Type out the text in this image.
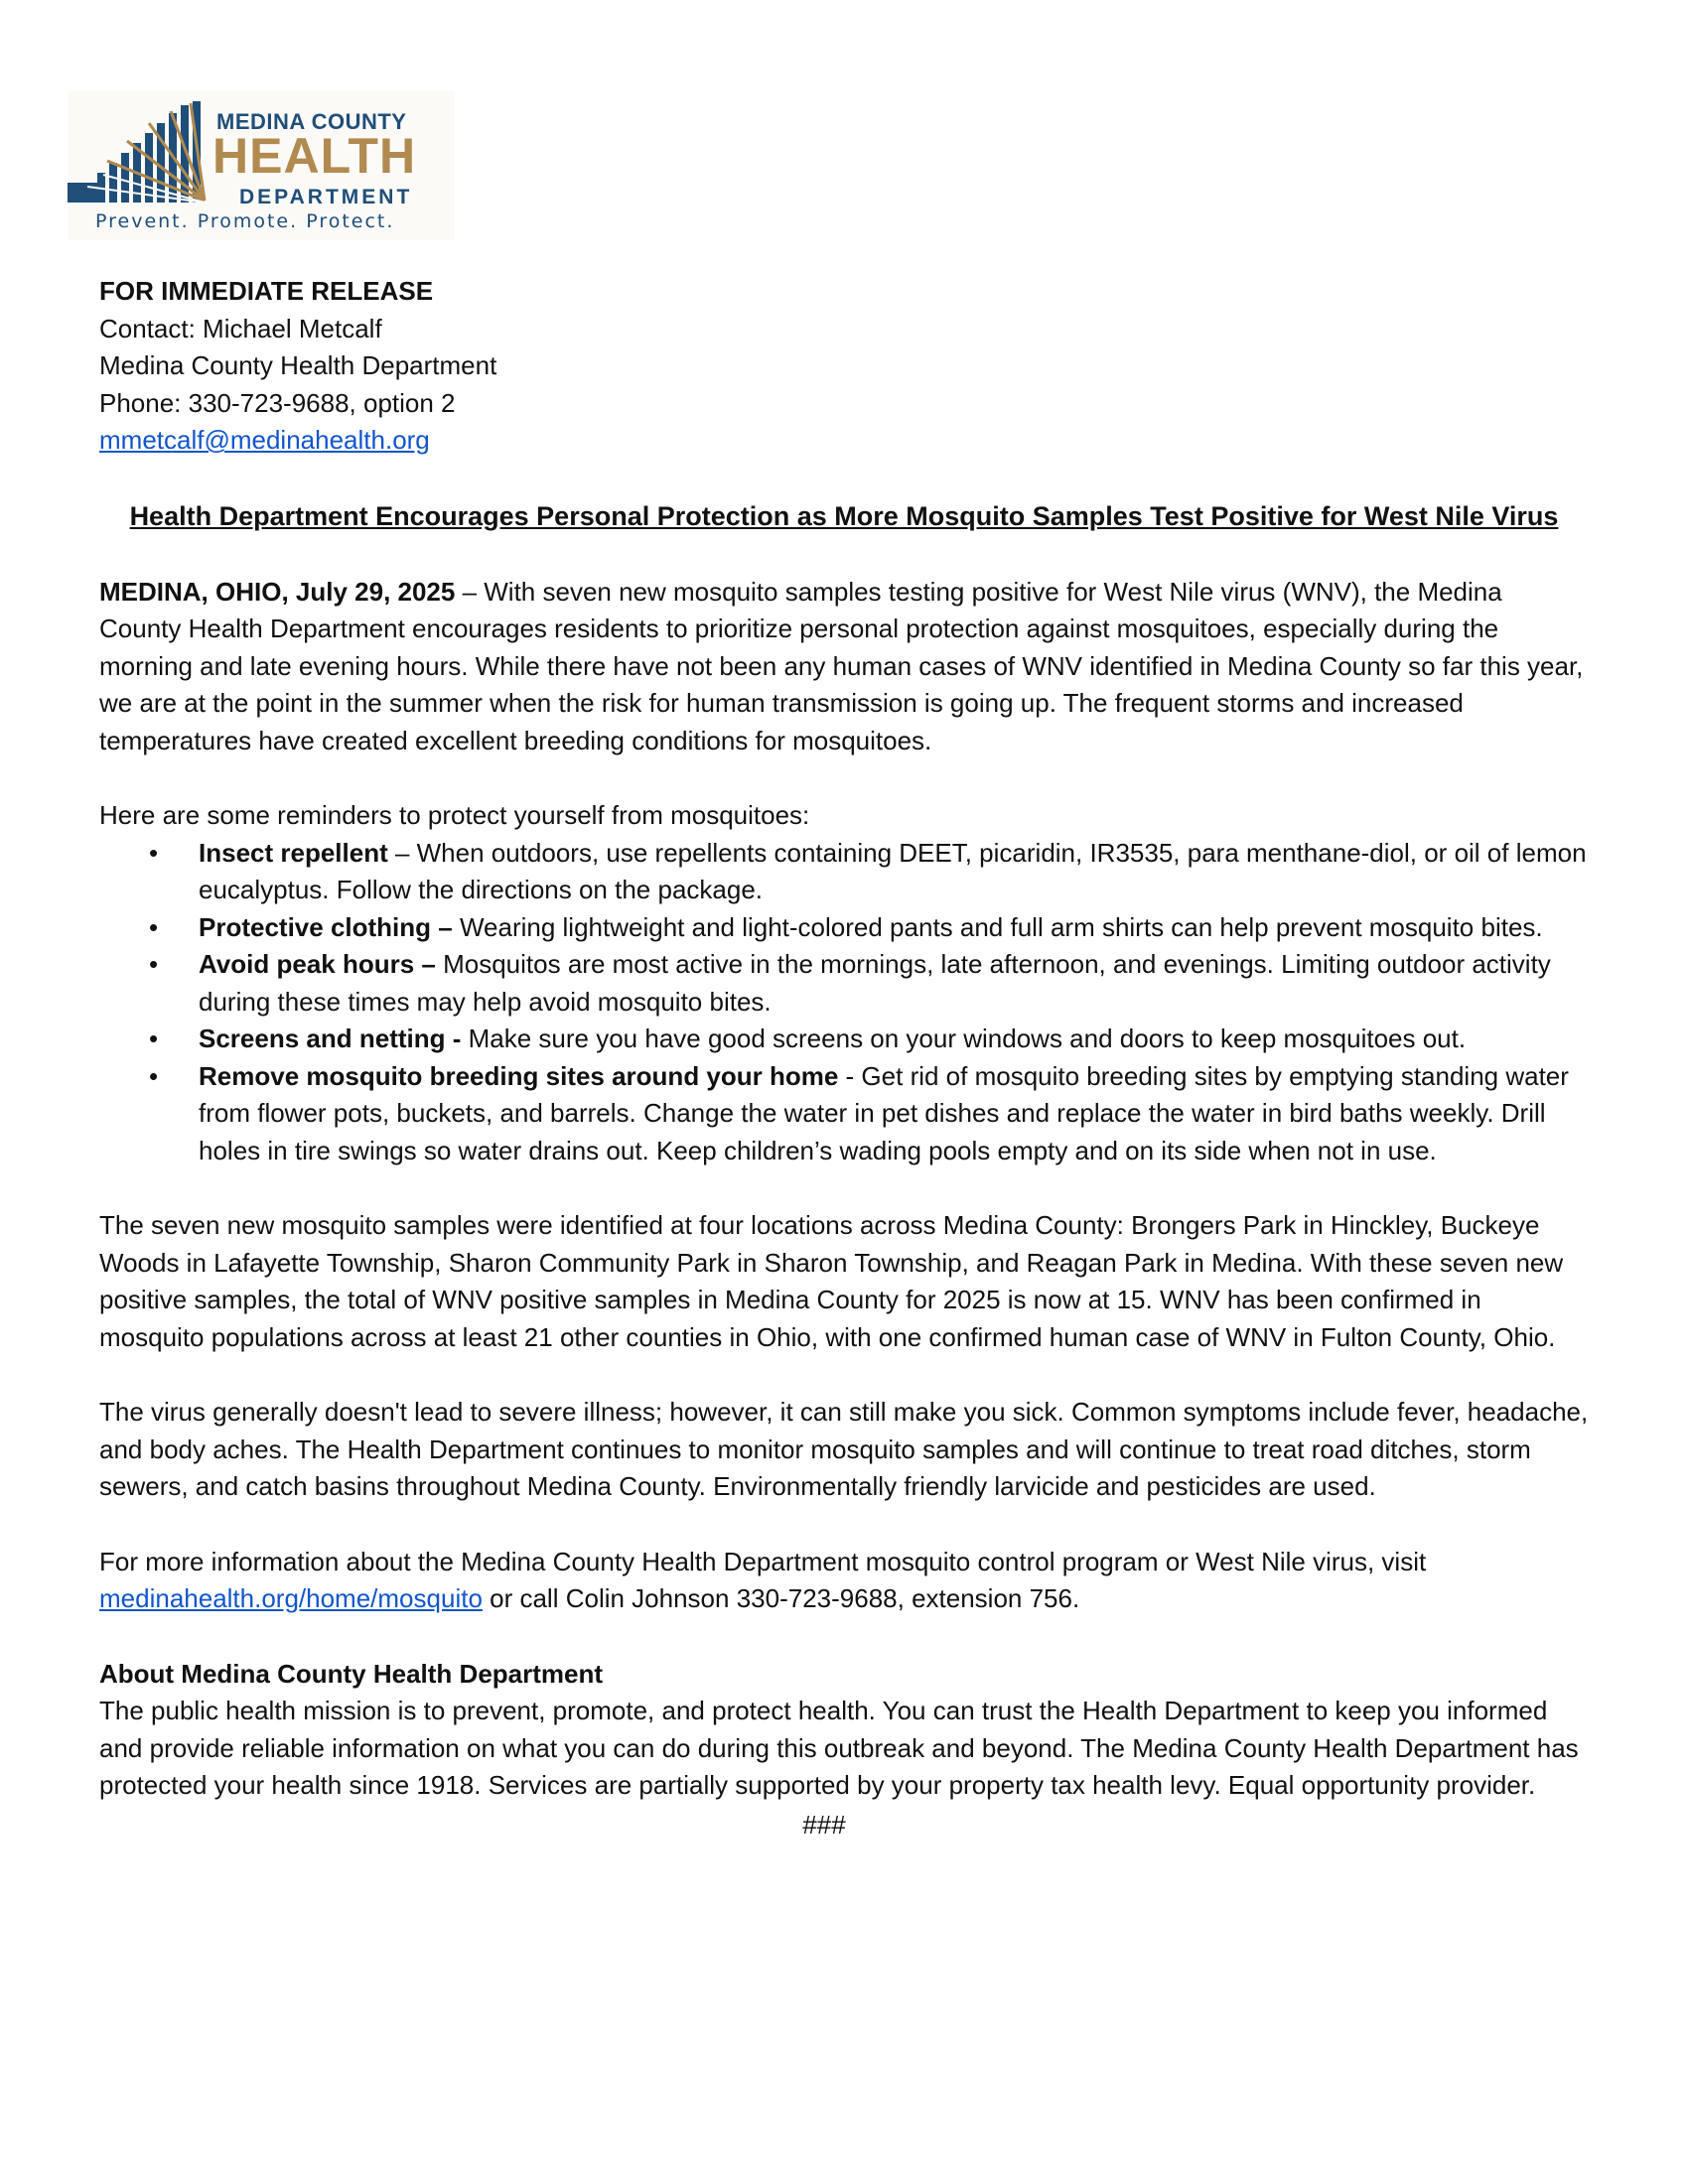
MEDINA COUNTY
HEALTH
DEPARTMENT
Prevent. Promote. Protect.
FOR IMMEDIATE RELEASE
Contact: Michael Metcalf
Medina County Health Department
Phone: 330-723-9688, option 2
mmetcalf@medinahealth.org
Health Department Encourages Personal Protection as More Mosquito Samples Test Positive for West Nile Virus

MEDINA, OHIO, July 29, 2025 – With seven new mosquito samples testing positive for West Nile virus (WNV), the Medina County Health Department encourages residents to prioritize personal protection against mosquitoes, especially during the morning and late evening hours. While there have not been any human cases of WNV identified in Medina County so far this year, we are at the point in the summer when the risk for human transmission is going up. The frequent storms and increased temperatures have created excellent breeding conditions for mosquitoes.

Here are some reminders to protect yourself from mosquitoes:

• Insect repellent – When outdoors, use repellents containing DEET, picaridin, IR3535, para menthane-diol, or oil of lemon eucalyptus. Follow the directions on the package.
• Protective clothing – Wearing lightweight and light-colored pants and full arm shirts can help prevent mosquito bites.
• Avoid peak hours – Mosquitos are most active in the mornings, late afternoon, and evenings. Limiting outdoor activity during these times may help avoid mosquito bites.
• Screens and netting - Make sure you have good screens on your windows and doors to keep mosquitoes out.
• Remove mosquito breeding sites around your home - Get rid of mosquito breeding sites by emptying standing water from flower pots, buckets, and barrels. Change the water in pet dishes and replace the water in bird baths weekly. Drill holes in tire swings so water drains out. Keep children’s wading pools empty and on its side when not in use.

The seven new mosquito samples were identified at four locations across Medina County: Brongers Park in Hinckley, Buckeye Woods in Lafayette Township, Sharon Community Park in Sharon Township, and Reagan Park in Medina. With these seven new positive samples, the total of WNV positive samples in Medina County for 2025 is now at 15. WNV has been confirmed in mosquito populations across at least 21 other counties in Ohio, with one confirmed human case of WNV in Fulton County, Ohio.

The virus generally doesn't lead to severe illness; however, it can still make you sick. Common symptoms include fever, headache, and body aches. The Health Department continues to monitor mosquito samples and will continue to treat road ditches, storm sewers, and catch basins throughout Medina County. Environmentally friendly larvicide and pesticides are used.

For more information about the Medina County Health Department mosquito control program or West Nile virus, visit medinahealth.org/home/mosquito or call Colin Johnson 330-723-9688, extension 756.

About Medina County Health Department

The public health mission is to prevent, promote, and protect health. You can trust the Health Department to keep you informed and provide reliable information on what you can do during this outbreak and beyond. The Medina County Health Department has protected your health since 1918. Services are partially supported by your property tax health levy. Equal opportunity provider.

###
